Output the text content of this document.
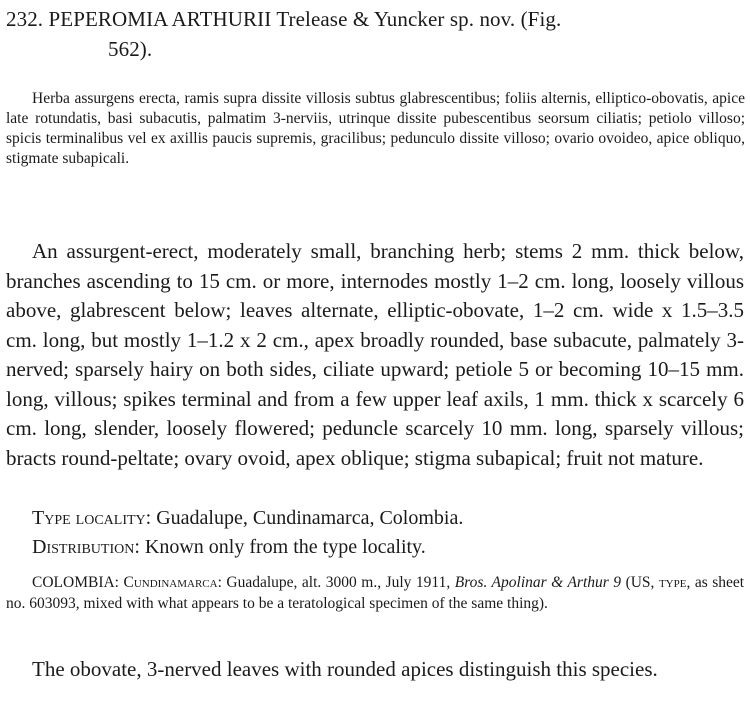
232. PEPEROMIA ARTHURII Trelease & Yuncker sp. nov. (Fig.
562).

Herba assurgens erecta, ramis supra dissite villosis subtus glabrescentibus; foliis alternis, elliptico-obovatis, apice late rotundatis, basi subacutis, palmatim 3-nerviis, utrinque dissite pubescentibus seorsum ciliatis; petiolo villoso; spicis terminalibus vel ex axillis paucis supremis, gracilibus; pedunculo dissite villoso; ovario ovoideo, apice obliquo, stigmate subapicali.

An assurgent-erect, moderately small, branching herb; stems 2 mm. thick below, branches ascending to 15 cm. or more, internodes mostly 1–2 cm. long, loosely villous above, glabrescent below; leaves alternate, elliptic-obovate, 1–2 cm. wide x 1.5–3.5 cm. long, but mostly 1–1.2 x 2 cm., apex broadly rounded, base subacute, palmately 3-nerved; sparsely hairy on both sides, ciliate upward; petiole 5 or becoming 10–15 mm. long, villous; spikes terminal and from a few upper leaf axils, 1 mm. thick x scarcely 6 cm. long, slender, loosely flowered; peduncle scarcely 10 mm. long, sparsely villous; bracts round-peltate; ovary ovoid, apex oblique; stigma subapical; fruit not mature.

Type locality: Guadalupe, Cundinamarca, Colombia.

Distribution: Known only from the type locality.

COLOMBIA: Cundinamarca: Guadalupe, alt. 3000 m., July 1911, Bros. Apolinar & Arthur 9 (US, type, as sheet no. 603093, mixed with what appears to be a teratological specimen of the same thing).

The obovate, 3-nerved leaves with rounded apices distinguish this species.
